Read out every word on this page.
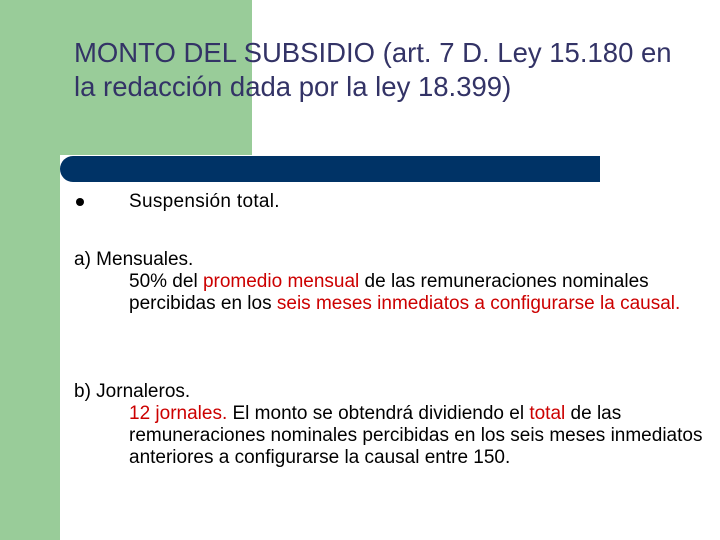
MONTO DEL SUBSIDIO (art. 7 D. Ley 15.180 en la redacción dada por la ley 18.399)
Suspensión total.
a) Mensuales.
50% del promedio mensual de las remuneraciones nominales percibidas en los seis meses inmediatos a configurarse la causal.
b) Jornaleros.
12 jornales. El monto se obtendrá dividiendo el total de las remuneraciones nominales percibidas en los seis meses inmediatos anteriores a configurarse la causal entre 150.
